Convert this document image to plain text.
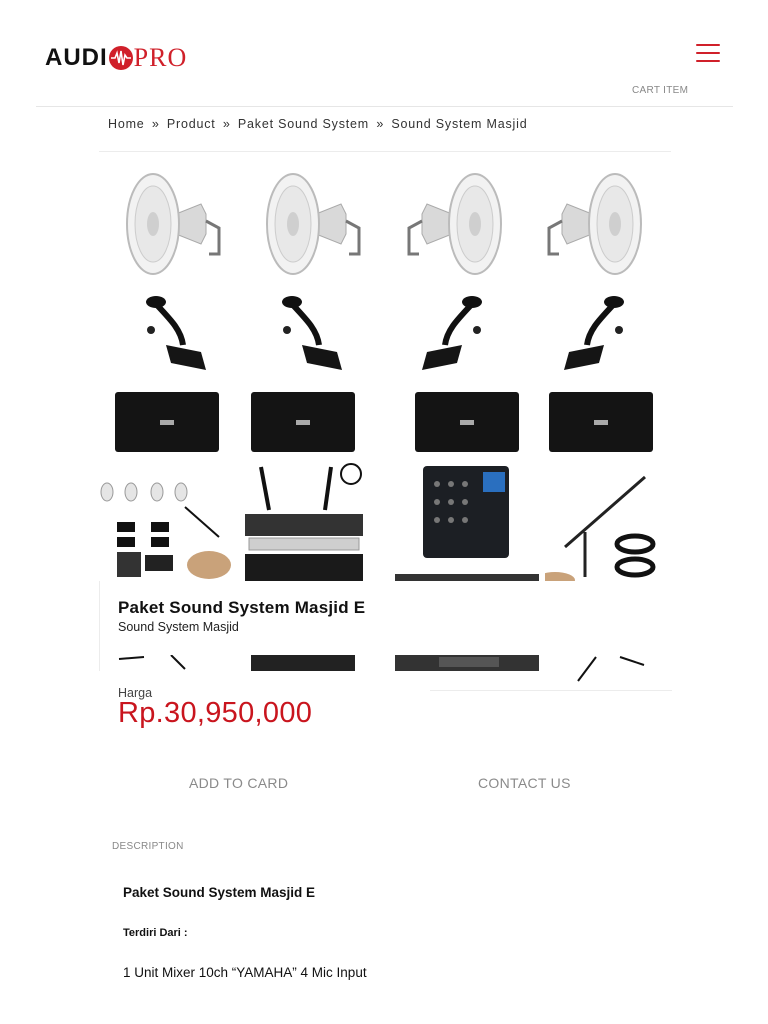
AUDI PRO
CART ITEM
Home » Product » Paket Sound System » Sound System Masjid
Paket Sound System Masjid E
Sound System Masjid
Harga
Rp.30,950,000
ADD TO CARD	CONTACT US
DESCRIPTION
Paket Sound System Masjid E
Terdiri Dari :
1 Unit Mixer 10ch “YAMAHA” 4 Mic Input
